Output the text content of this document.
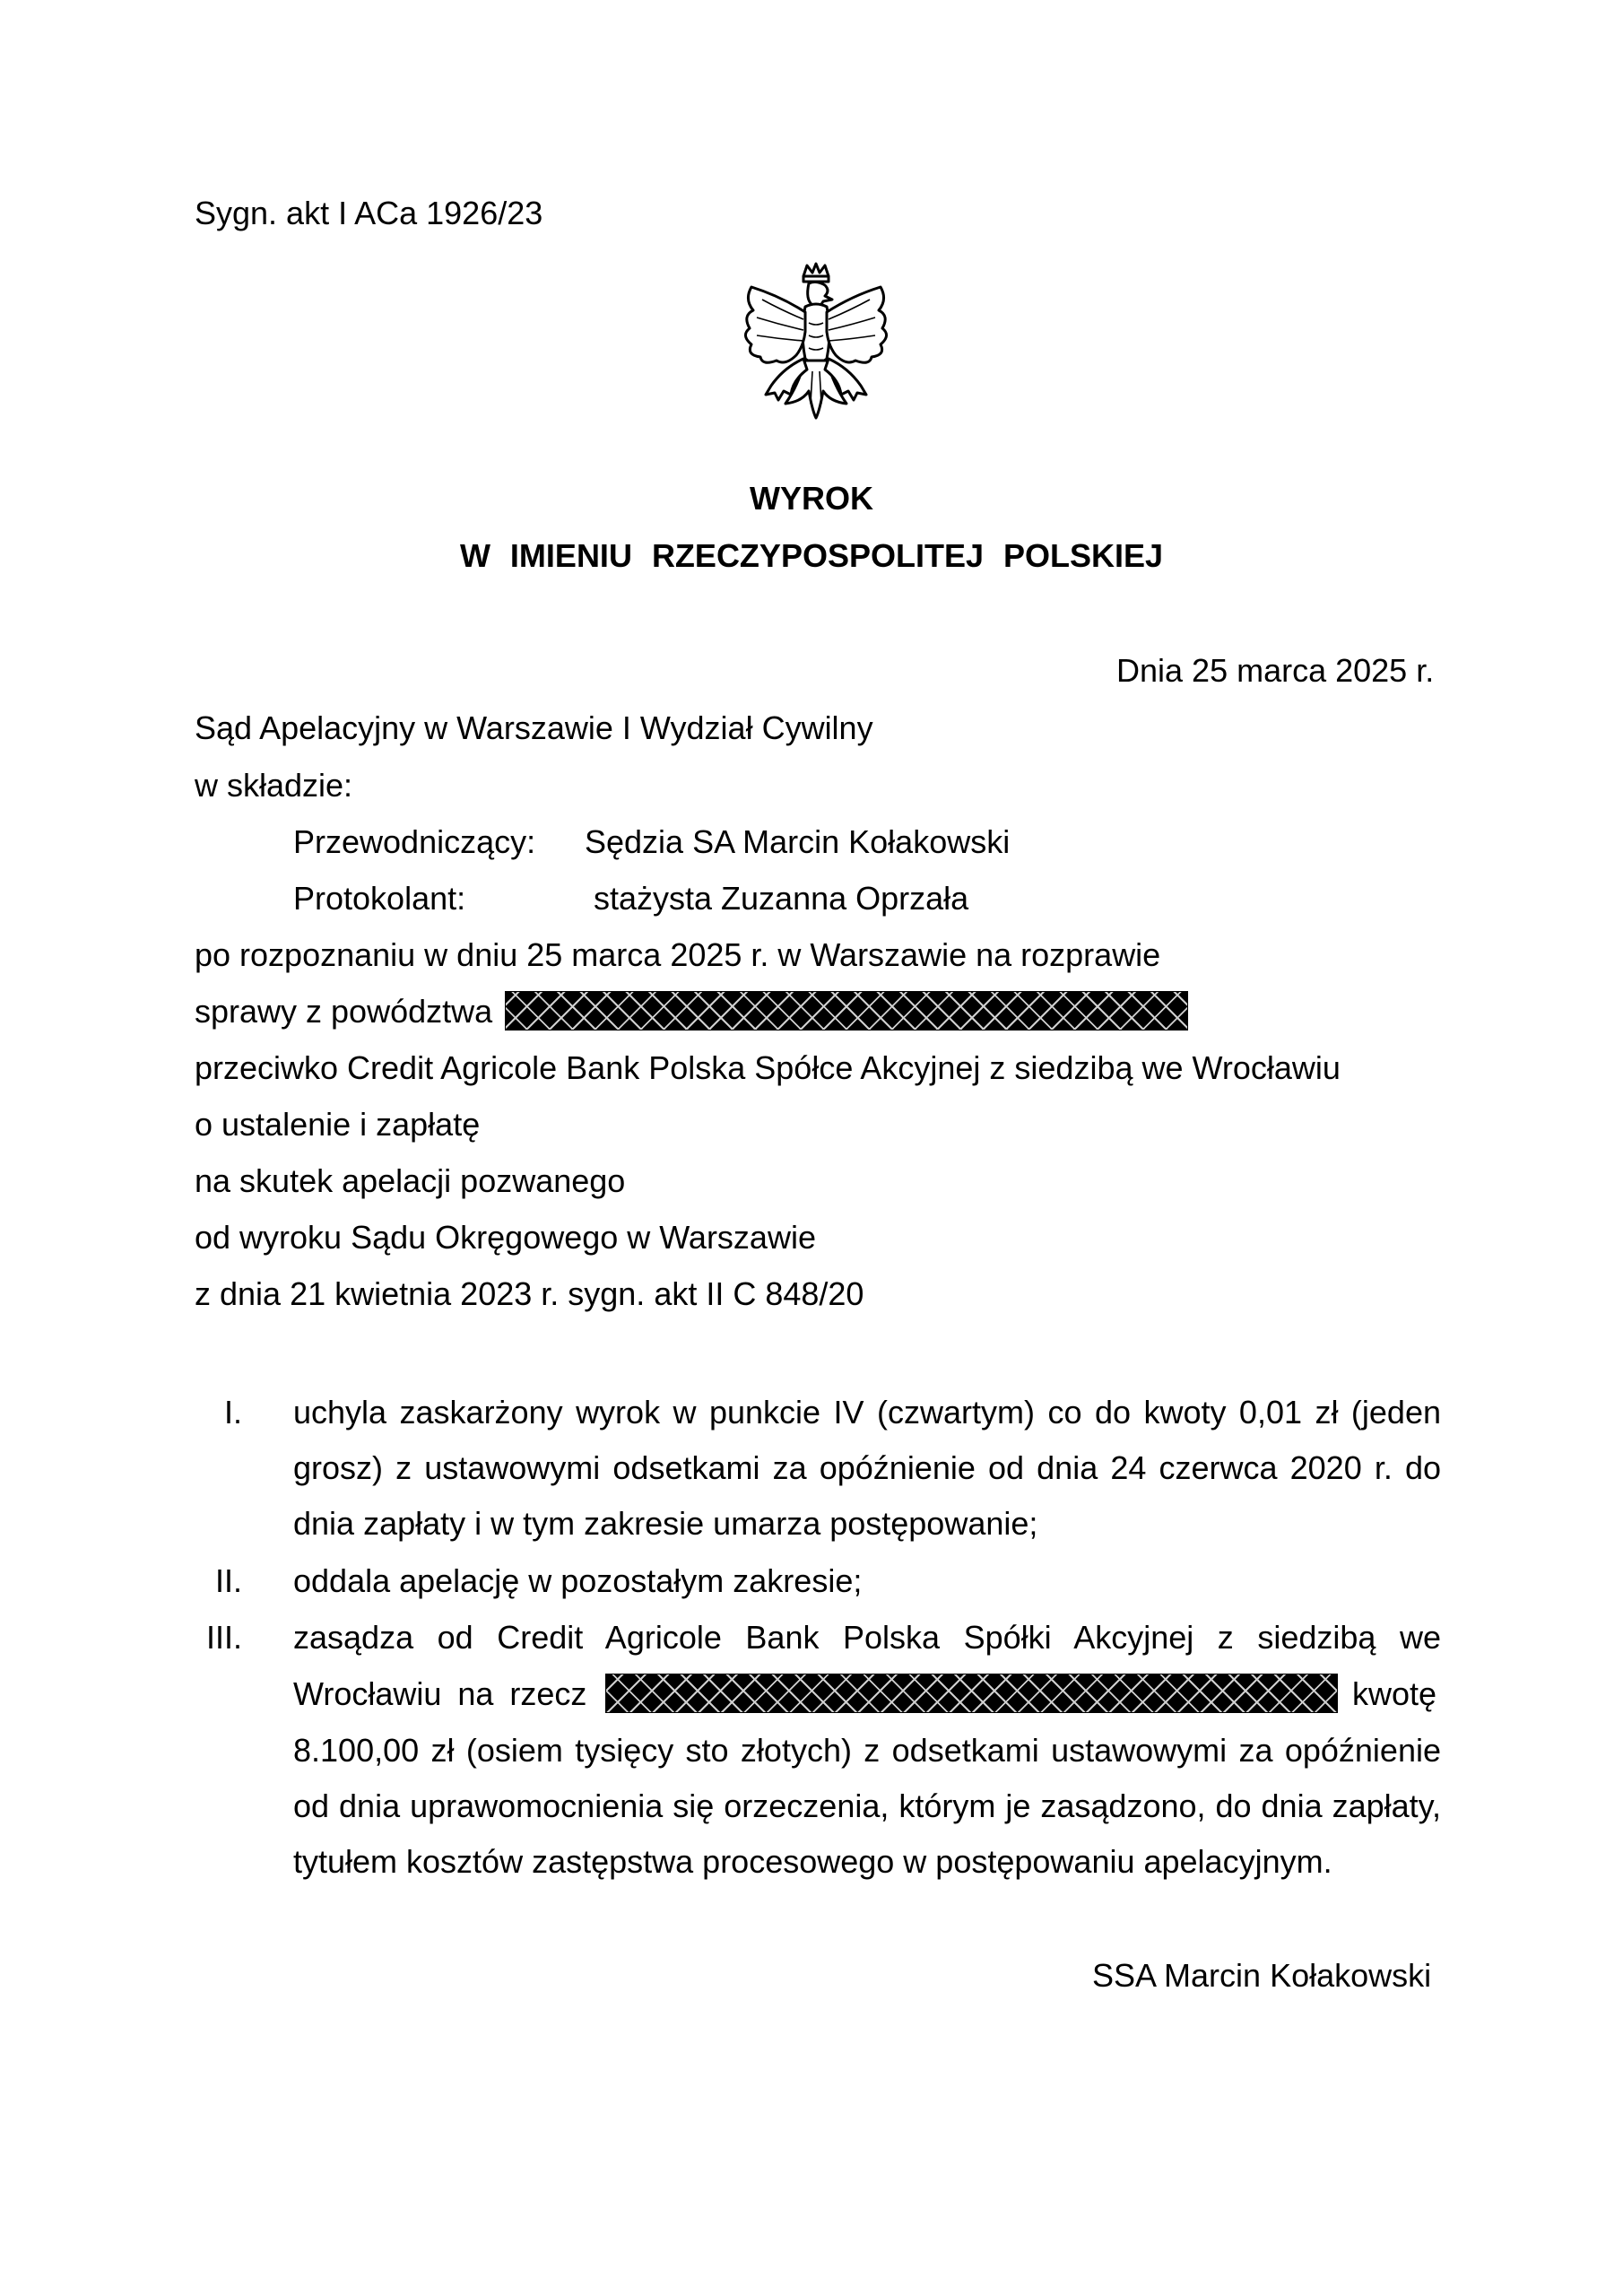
Sygn. akt I ACa 1926/23
WYROK
W IMIENIU RZECZYPOSPOLITEJ POLSKIEJ
Dnia 25 marca 2025 r.
Sąd Apelacyjny w Warszawie I Wydział Cywilny
w składzie:
Przewodniczący: Sędzia SA Marcin Kołakowski
Protokolant:	stażysta Zuzanna Oprzała
po rozpoznaniu w dniu 25 marca 2025 r. w Warszawie na rozprawie
sprawy z powództwa
przeciwko Credit Agricole Bank Polska Spółce Akcyjnej z siedzibą we Wrocławiu
o ustalenie i zapłatę
na skutek apelacji pozwanego
od wyroku Sądu Okręgowego w Warszawie
z dnia 21 kwietnia 2023 r. sygn. akt II C 848/20
I. uchyla zaskarżony wyrok w punkcie IV (czwartym) co do kwoty 0,01 zł (jeden grosz) z ustawowymi odsetkami za opóźnienie od dnia 24 czerwca 2020 r. do dnia zapłaty i w tym zakresie umarza postępowanie;

II. oddala apelację w pozostałym zakresie;
III. zasądza od Credit Agricole Bank Polska Spółki Akcyjnej z siedzibą we
Wrocławiu na rzecz	kwotę

8.100,00 zł (osiem tysięcy sto złotych) z odsetkami ustawowymi za opóźnienie od dnia uprawomocnienia się orzeczenia, którym je zasądzono, do dnia zapłaty, tytułem kosztów zastępstwa procesowego w postępowaniu apelacyjnym.

SSA Marcin Kołakowski
